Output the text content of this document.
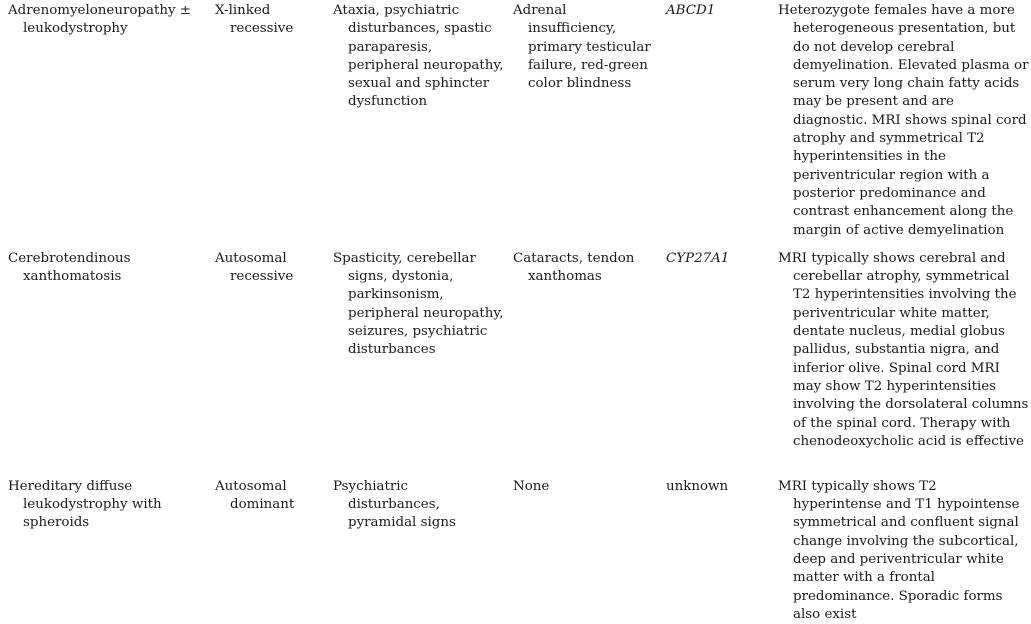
Adrenomyeloneuropathy ± leukodystrophy	X-linked recessive	Ataxia, psychiatric disturbances, spastic paraparesis, peripheral neuropathy, sexual and sphincter dysfunction	Adrenal insufficiency, primary testicular failure, red-green color blindness	ABCD1	Heterozygote females have a more heterogeneous presentation, but do not develop cerebral demyelination. Elevated plasma or serum very long chain fatty acids may be present and are diagnostic. MRI shows spinal cord atrophy and symmetrical T2 hyperintensities in the periventricular region with a posterior predominance and contrast enhancement along the margin of active demyelination

Cerebrotendinous xanthomatosis	Autosomal recessive	Spasticity, cerebellar signs, dystonia, parkinsonism, peripheral neuropathy, seizures, psychiatric disturbances	Cataracts, tendon xanthomas	CYP27A1	MRI typically shows cerebral and cerebellar atrophy, symmetrical T2 hyperintensities involving the periventricular white matter, dentate nucleus, medial globus pallidus, substantia nigra, and inferior olive. Spinal cord MRI may show T2 hyperintensities involving the dorsolateral columns of the spinal cord. Therapy with chenodeoxycholic acid is effective

Hereditary diffuse leukodystrophy with spheroids	Autosomal dominant	Psychiatric disturbances, pyramidal signs	None	unknown	MRI typically shows T2 hyperintense and T1 hypointense symmetrical and confluent signal change involving the subcortical, deep and periventricular white matter with a frontal predominance. Sporadic forms also exist
